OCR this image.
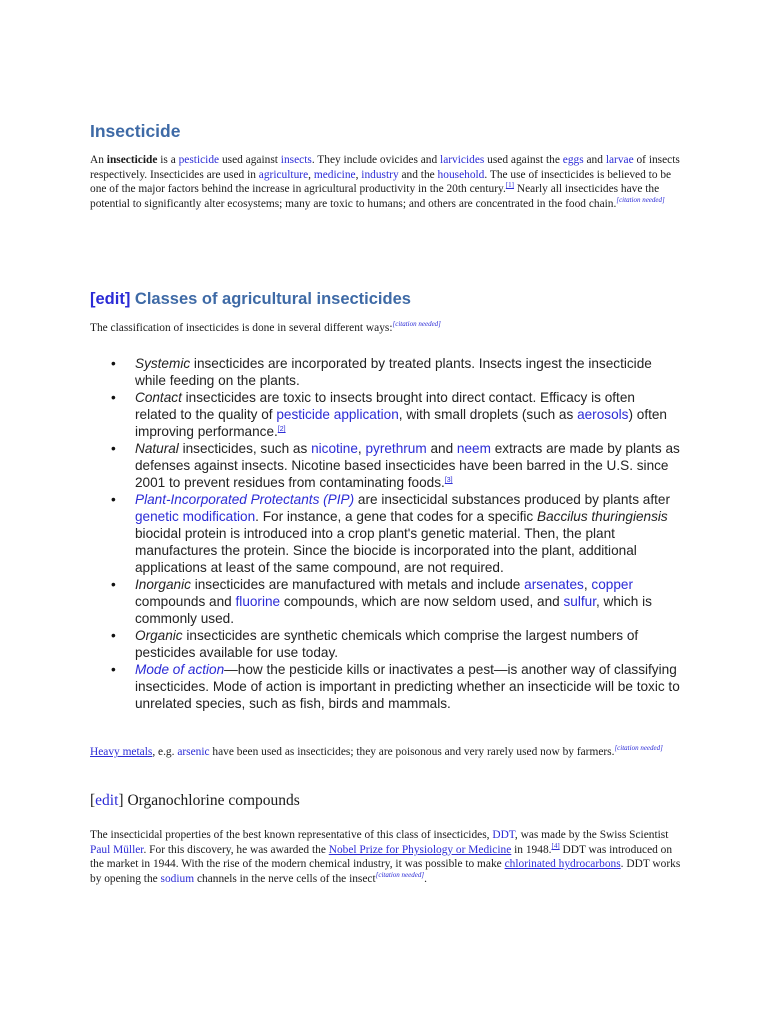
Insecticide

An insecticide is a pesticide used against insects. They include ovicides and larvicides used against the eggs and larvae of insects respectively. Insecticides are used in agriculture, medicine, industry and the household. The use of insecticides is believed to be one of the major factors behind the increase in agricultural productivity in the 20th century.[1] Nearly all insecticides have the potential to significantly alter ecosystems; many are toxic to humans; and others are concentrated in the food chain.[citation needed]

[edit] Classes of agricultural insecticides

The classification of insecticides is done in several different ways:[citation needed]

• Systemic insecticides are incorporated by treated plants. Insects ingest the insecticide while feeding on the plants.
• Contact insecticides are toxic to insects brought into direct contact. Efficacy is often related to the quality of pesticide application, with small droplets (such as aerosols) often improving performance.[2]
• Natural insecticides, such as nicotine, pyrethrum and neem extracts are made by plants as defenses against insects. Nicotine based insecticides have been barred in the U.S. since 2001 to prevent residues from contaminating foods.[3]
• Plant-Incorporated Protectants (PIP) are insecticidal substances produced by plants after genetic modification. For instance, a gene that codes for a specific Baccilus thuringiensis biocidal protein is introduced into a crop plant's genetic material. Then, the plant manufactures the protein. Since the biocide is incorporated into the plant, additional applications at least of the same compound, are not required.
• Inorganic insecticides are manufactured with metals and include arsenates, copper compounds and fluorine compounds, which are now seldom used, and sulfur, which is commonly used.
• Organic insecticides are synthetic chemicals which comprise the largest numbers of pesticides available for use today.
• Mode of action—how the pesticide kills or inactivates a pest—is another way of classifying insecticides. Mode of action is important in predicting whether an insecticide will be toxic to unrelated species, such as fish, birds and mammals.

Heavy metals, e.g. arsenic have been used as insecticides; they are poisonous and very rarely used now by farmers.[citation needed]

[edit] Organochlorine compounds

The insecticidal properties of the best known representative of this class of insecticides, DDT, was made by the Swiss Scientist Paul Müller. For this discovery, he was awarded the Nobel Prize for Physiology or Medicine in 1948.[4] DDT was introduced on the market in 1944. With the rise of the modern chemical industry, it was possible to make chlorinated hydrocarbons. DDT works by opening the sodium channels in the nerve cells of the insect[citation needed].
